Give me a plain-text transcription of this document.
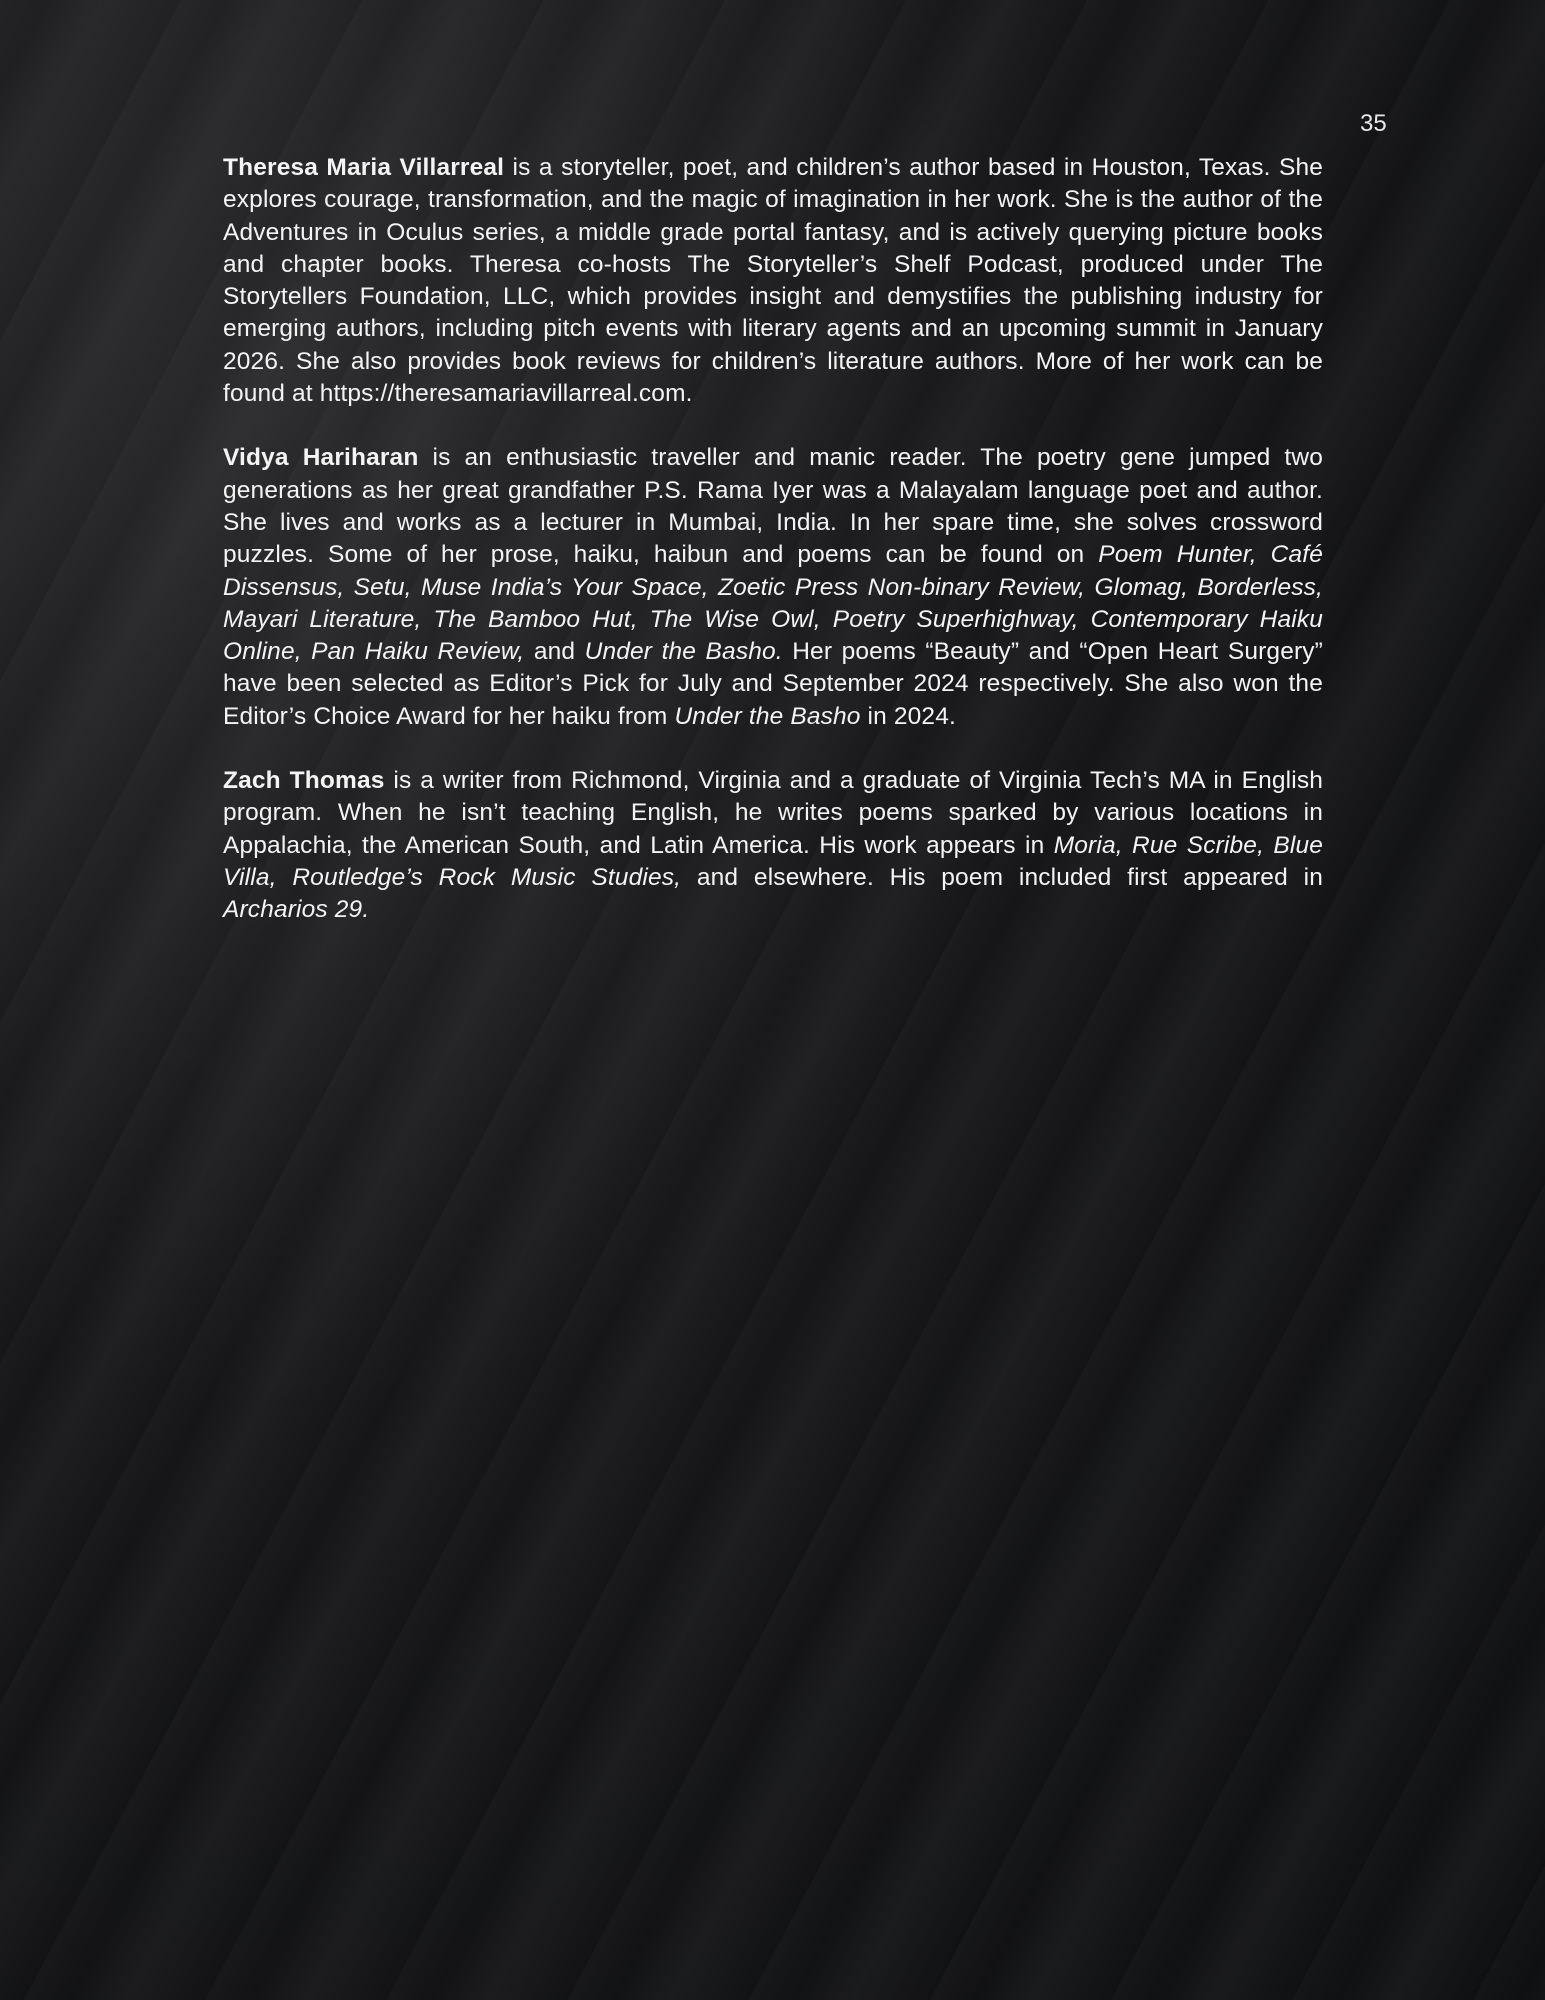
35

Theresa Maria Villarreal is a storyteller, poet, and children’s author based in Houston, Texas. She explores courage, transformation, and the magic of imagination in her work. She is the author of the Adventures in Oculus series, a middle grade portal fantasy, and is actively querying picture books and chapter books. Theresa co-hosts The Storyteller’s Shelf Podcast, produced under The Storytellers Foundation, LLC, which provides insight and demystifies the publishing industry for emerging authors, including pitch events with literary agents and an upcoming summit in January 2026. She also provides book reviews for children’s literature authors. More of her work can be found at https://theresamariavillarreal.com.

Vidya Hariharan is an enthusiastic traveller and manic reader. The poetry gene jumped two generations as her great grandfather P.S. Rama Iyer was a Malayalam language poet and author. She lives and works as a lecturer in Mumbai, India. In her spare time, she solves crossword puzzles. Some of her prose, haiku, haibun and poems can be found on Poem Hunter, Café Dissensus, Setu, Muse India’s Your Space, Zoetic Press Non-binary Review, Glomag, Borderless, Mayari Literature, The Bamboo Hut, The Wise Owl, Poetry Superhighway, Contemporary Haiku Online, Pan Haiku Review, and Under the Basho. Her poems “Beauty” and “Open Heart Surgery” have been selected as Editor’s Pick for July and September 2024 respectively. She also won the Editor’s Choice Award for her haiku from Under the Basho in 2024.

Zach Thomas is a writer from Richmond, Virginia and a graduate of Virginia Tech’s MA in English program. When he isn’t teaching English, he writes poems sparked by various locations in Appalachia, the American South, and Latin America. His work appears in Moria, Rue Scribe, Blue Villa, Routledge’s Rock Music Studies, and elsewhere. His poem included first appeared in Archarios 29.
